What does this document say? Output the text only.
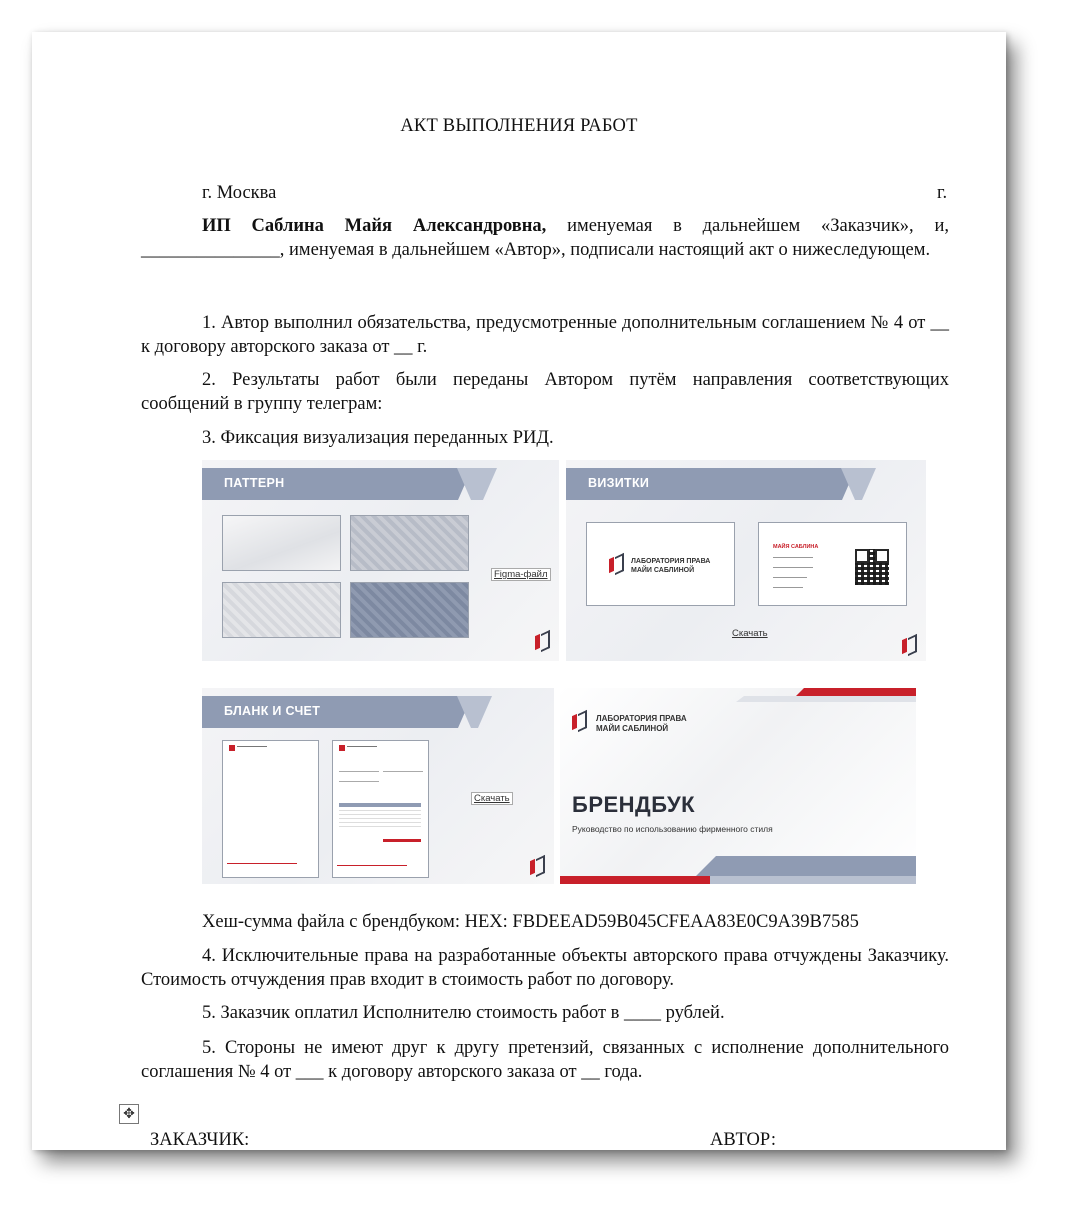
АКТ ВЫПОЛНЕНИЯ РАБОТ
г. Москва	г.
ИП Саблина Майя Александровна, именуемая в дальнейшем «Заказчик», и, _______________, именуемая в дальнейшем «Автор», подписали настоящий акт о нижеследующем.
1. Автор выполнил обязательства, предусмотренные дополнительным соглашением № 4 от __ к договору авторского заказа от __ г.
2. Результаты работ были переданы Автором путём направления соответствующих сообщений в группу телеграм:
3. Фиксация визуализация переданных РИД.
ПАТТЕРН
Figma-файл
ВИЗИТКИ
ЛАБОРАТОРИЯ ПРАВА МАЙИ САБЛИНОЙ
МАЙЯ САБЛИНА
Скачать
БЛАНК И СЧЕТ
Скачать
ЛАБОРАТОРИЯ ПРАВА МАЙИ САБЛИНОЙ
БРЕНДБУК
Руководство по использованию фирменного стиля
Хеш-сумма файла с брендбуком: HEX: FBDEEAD59B045CFEAA83E0C9A39B7585
4. Исключительные права на разработанные объекты авторского права отчуждены Заказчику. Стоимость отчуждения прав входит в стоимость работ по договору.
5. Заказчик оплатил Исполнителю стоимость работ в ____ рублей.
5. Стороны не имеют друг к другу претензий, связанных с исполнение дополнительного соглашения № 4 от ___ к договору авторского заказа от __ года.
✥
ЗАКАЗЧИК:	АВТОР:
